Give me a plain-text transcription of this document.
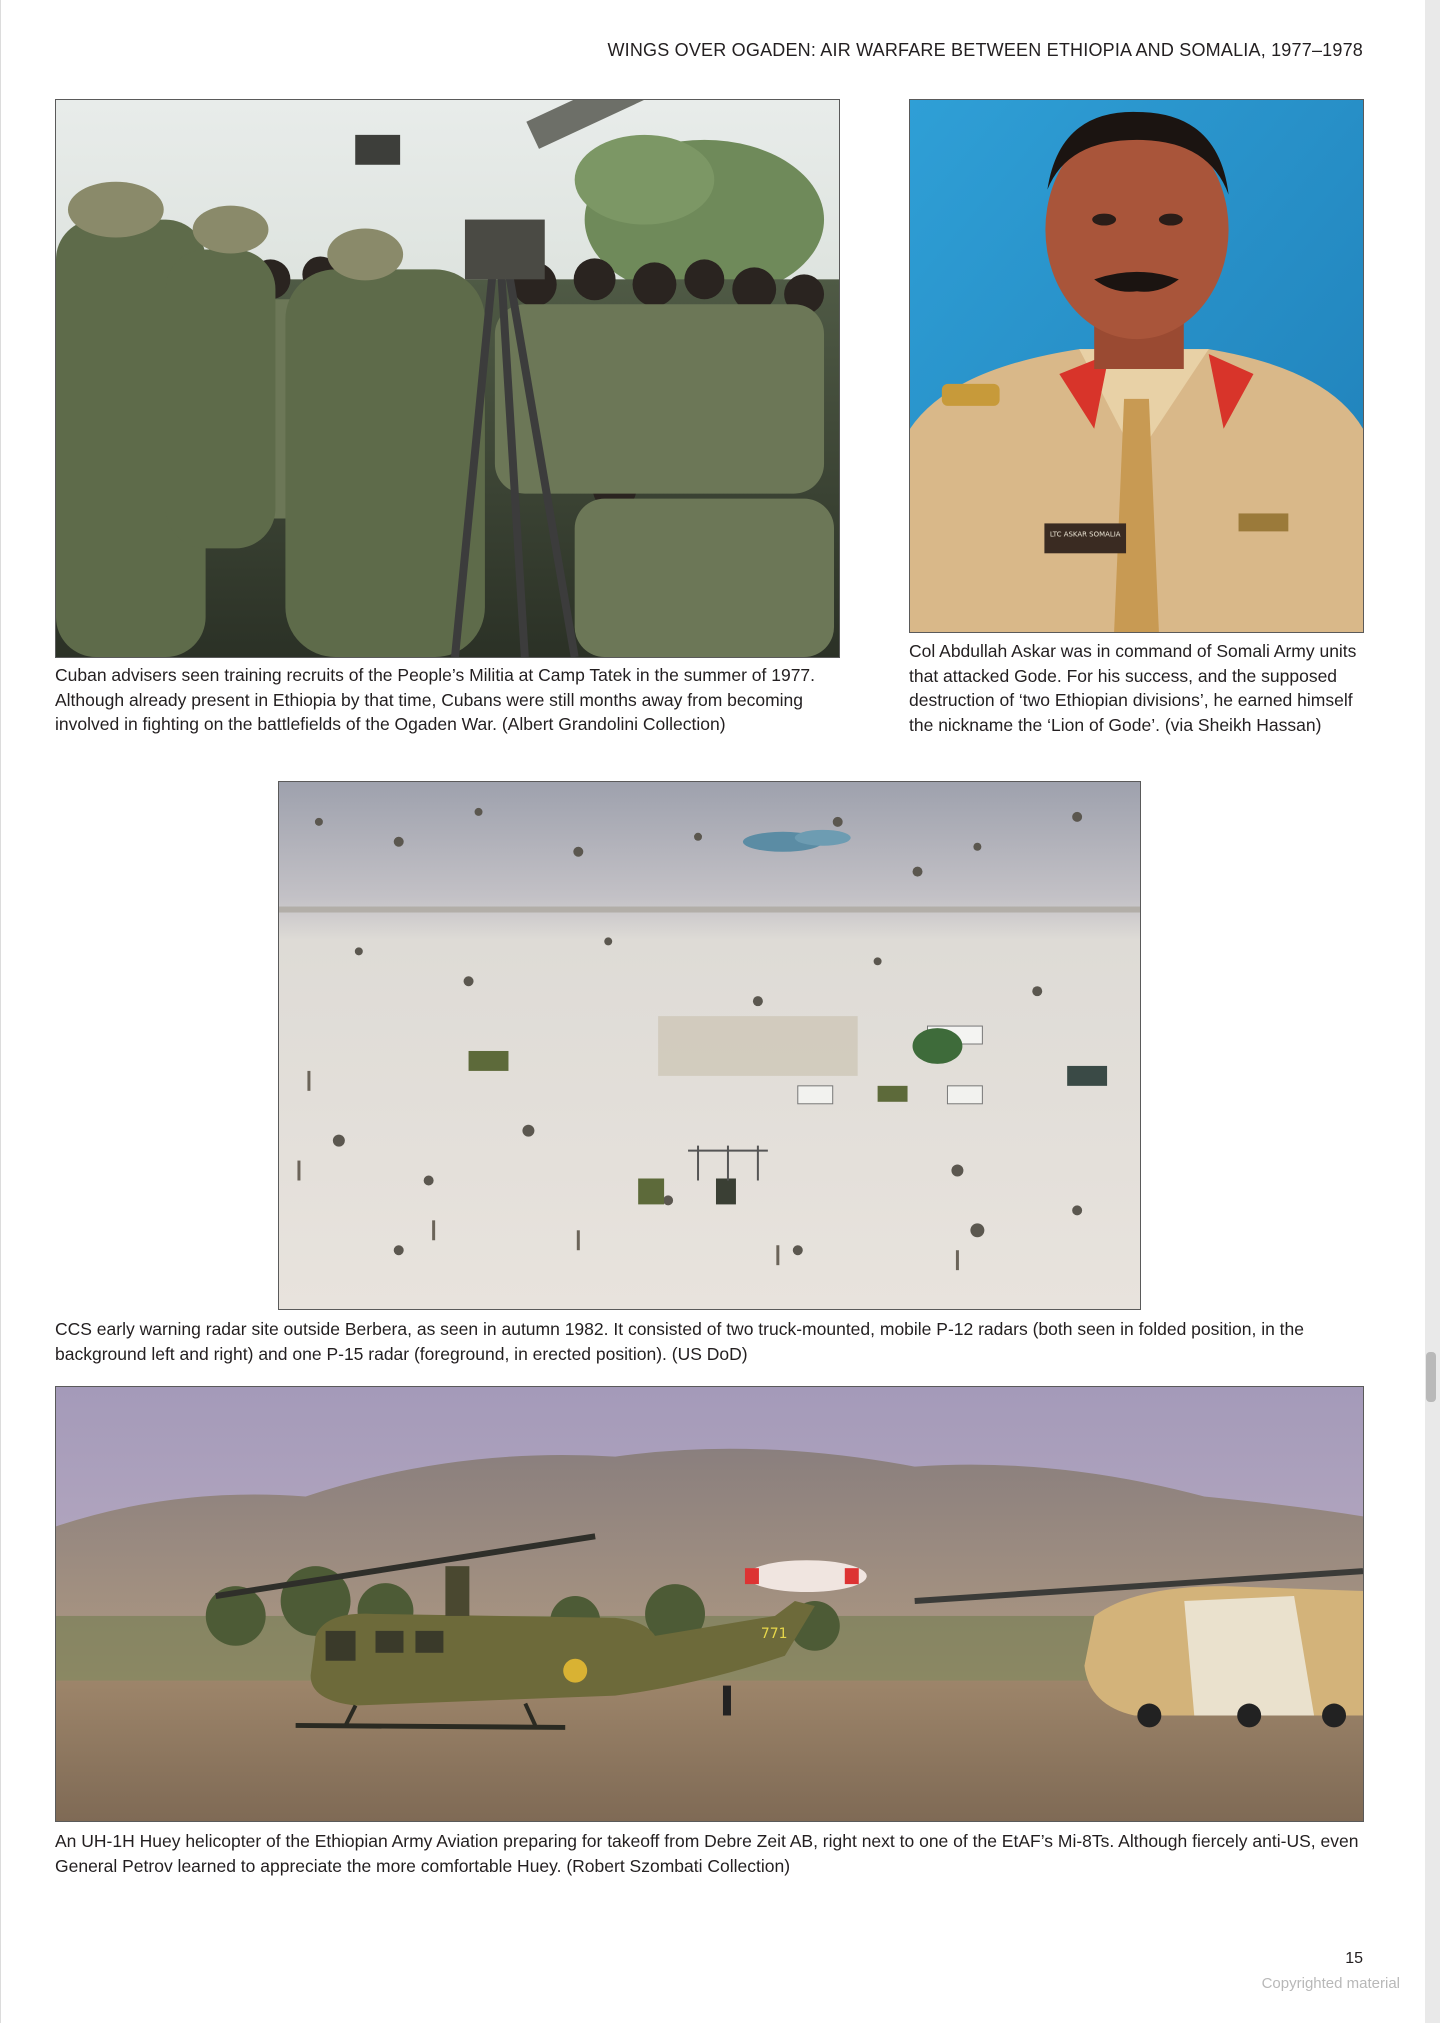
WINGS OVER OGADEN: AIR WARFARE BETWEEN ETHIOPIA AND SOMALIA, 1977–1978
LTC ASKAR SOMALIA
Cuban advisers seen training recruits of the People’s Militia at Camp Tatek in the summer of 1977. Although already present in Ethiopia by that time, Cubans were still months away from becoming involved in fighting on the battlefields of the Ogaden War. (Albert Grandolini Collection)
Col Abdullah Askar was in command of Somali Army units that attacked Gode. For his success, and the supposed destruction of ‘two Ethiopian divisions’, he earned himself the nickname the ‘Lion of Gode’. (via Sheikh Hassan)
CCS early warning radar site outside Berbera, as seen in autumn 1982. It consisted of two truck-mounted, mobile P-12 radars (both seen in folded position, in the background left and right) and one P-15 radar (foreground, in erected position). (US DoD)
771
An UH-1H Huey helicopter of the Ethiopian Army Aviation preparing for takeoff from Debre Zeit AB, right next to one of the EtAF’s Mi-8Ts. Although fiercely anti-US, even General Petrov learned to appreciate the more comfortable Huey. (Robert Szombati Collection)
15
Copyrighted material
